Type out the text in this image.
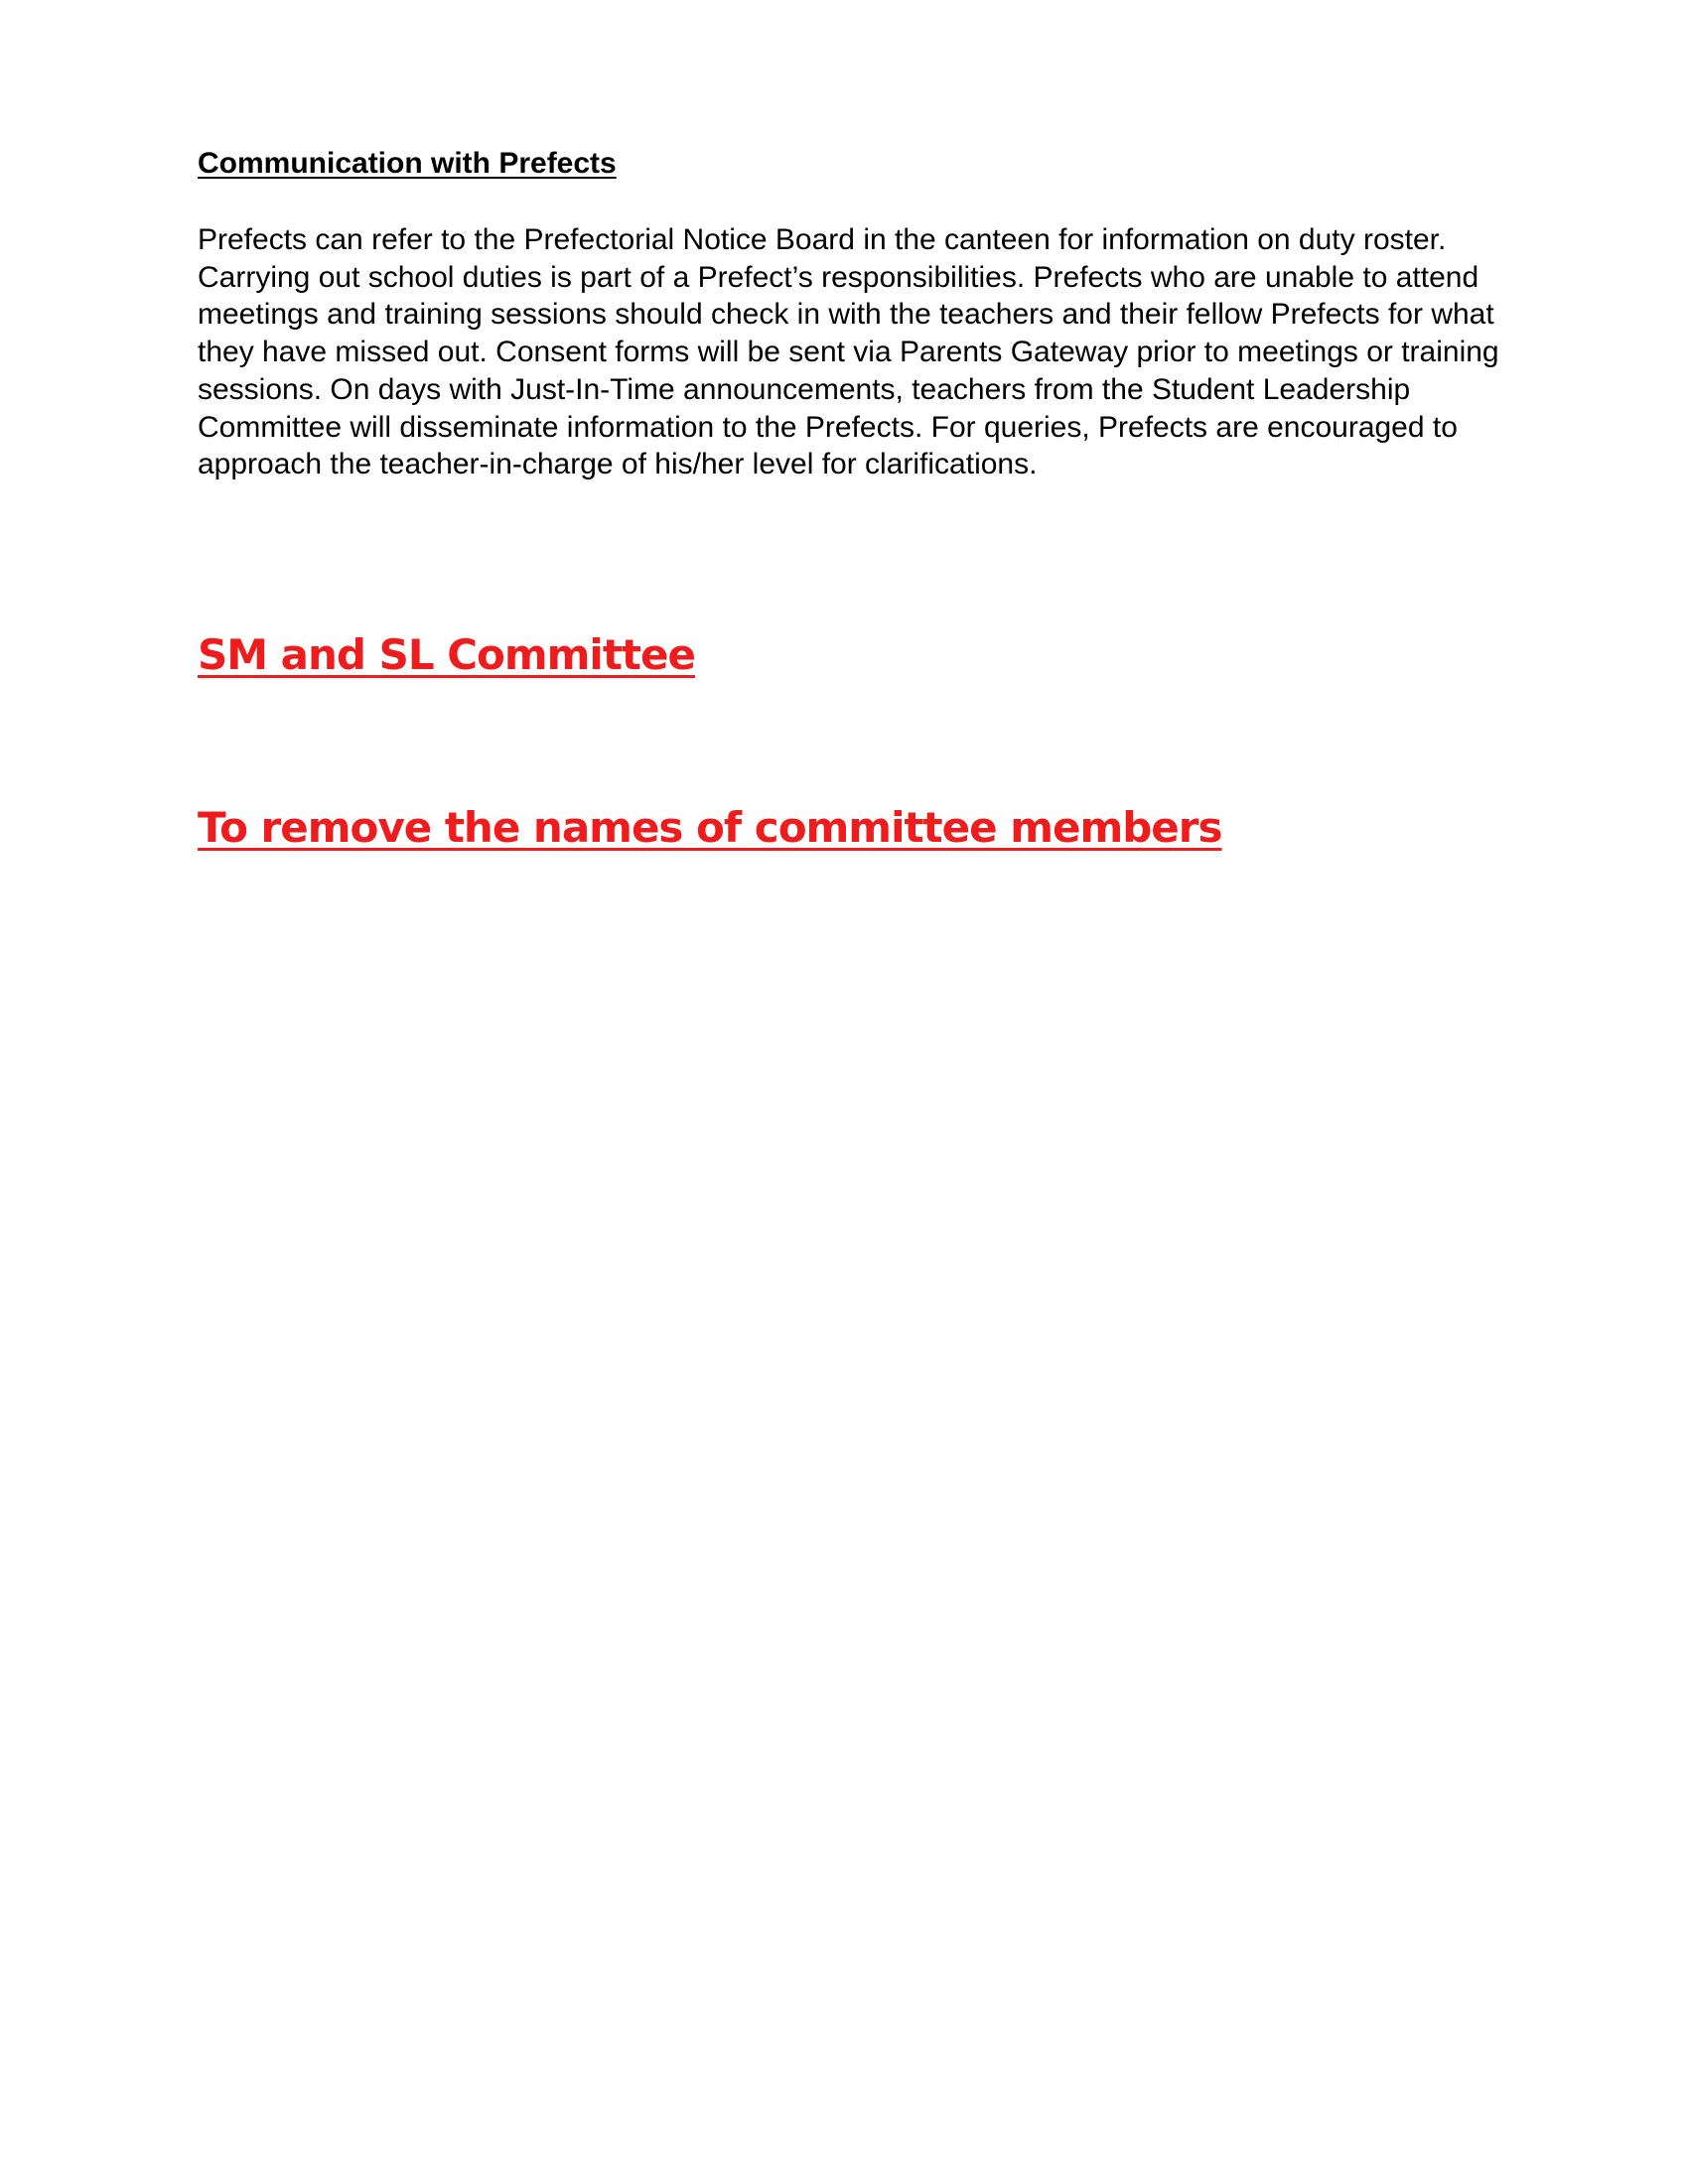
Communication with Prefects

Prefects can refer to the Prefectorial Notice Board in the canteen for information on duty roster.
Carrying out school duties is part of a Prefect’s responsibilities. Prefects who are unable to attend
meetings and training sessions should check in with the teachers and their fellow Prefects for what
they have missed out. Consent forms will be sent via Parents Gateway prior to meetings or training
sessions. On days with Just-In-Time announcements, teachers from the Student Leadership
Committee will disseminate information to the Prefects. For queries, Prefects are encouraged to
approach the teacher-in-charge of his/her level for clarifications.

SM and SL Committee
To remove the names of committee members
